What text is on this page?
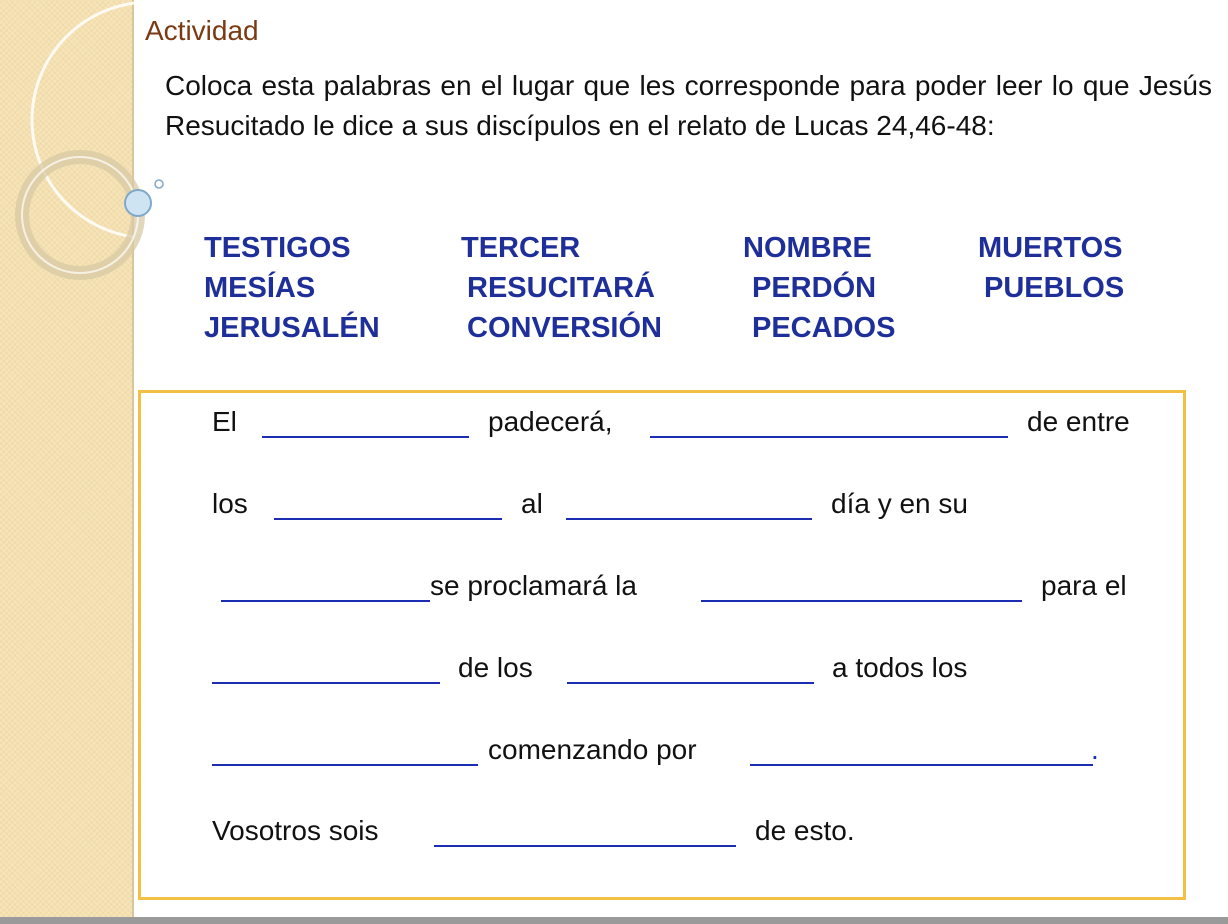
Actividad

Coloca esta palabras en el lugar que les corresponde para poder leer lo que Jesús Resucitado le dice a sus discípulos en el relato de Lucas 24,46-48:

TESTIGOS	TERCER	NOMBRE	MUERTOS
MESÍAS	RESUCITARÁ	PERDÓN	PUEBLOS
JERUSALÉN	CONVERSIÓN	PECADOS
El	padecerá,	de entre
los	al	día y en su
se proclamará la	para el
de los	a todos los
comenzando por	.
Vosotros sois	de esto.
